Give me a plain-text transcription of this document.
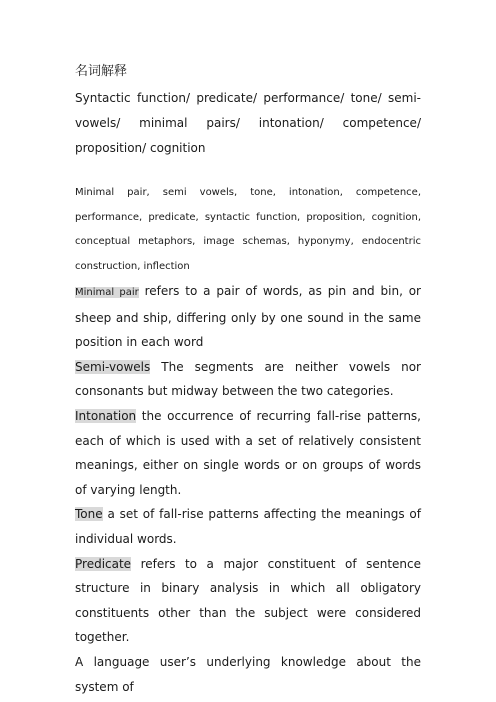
名词解释

Syntactic function/ predicate/ performance/ tone/ semi-vowels/ minimal pairs/ intonation/ competence/ proposition/ cognition

Minimal pair, semi vowels, tone, intonation, competence, performance, predicate, syntactic function, proposition, cognition, conceptual metaphors, image schemas, hyponymy, endocentric construction, inflection

Minimal pair refers to a pair of words, as pin and bin, or sheep and ship, differing only by one sound in the same position in each word

Semi-vowels The segments are neither vowels nor consonants but midway between the two categories.

Intonation the occurrence of recurring fall-rise patterns, each of which is used with a set of relatively consistent meanings, either on single words or on groups of words of varying length.

Tone a set of fall-rise patterns affecting the meanings of individual words.

Predicate refers to a major constituent of sentence structure in binary analysis in which all obligatory constituents other than the subject were considered together.

A language user’s underlying knowledge about the system of
